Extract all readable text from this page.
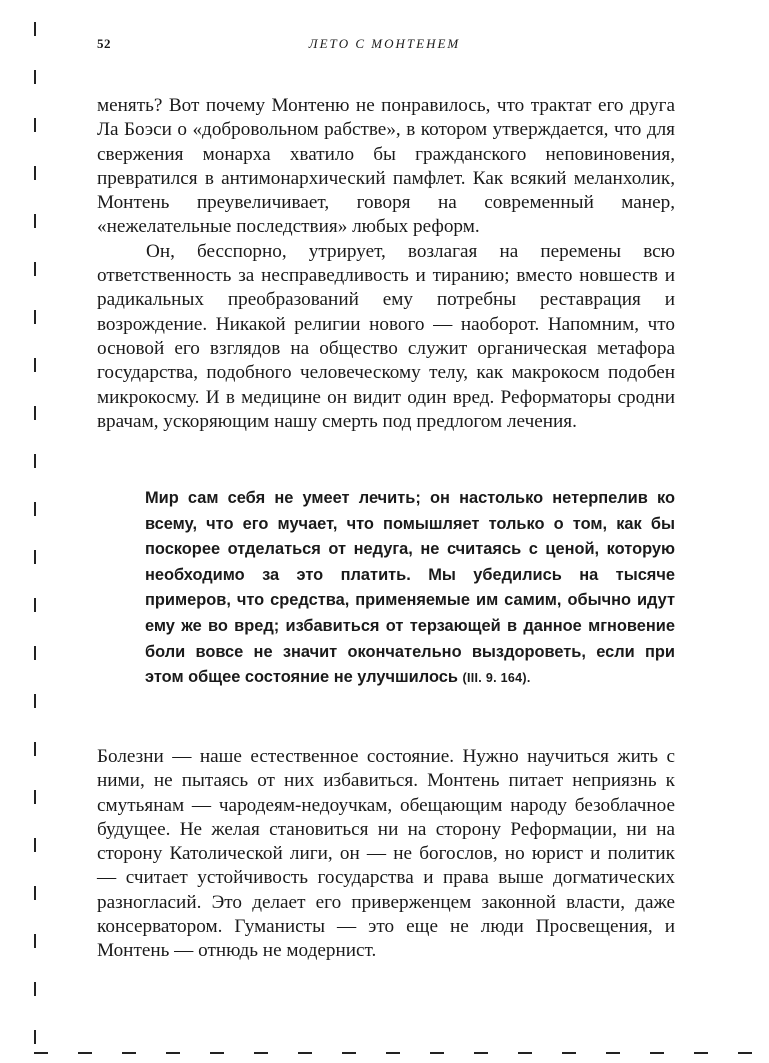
52	ЛЕТО С МОНТЕНЕМ

менять? Вот почему Монтеню не понравилось, что трактат его друга Ла Боэси о «добровольном рабстве», в котором утверждается, что для свержения монарха хватило бы гражданского неповиновения, превратился в антимонархический памфлет. Как всякий меланхолик, Монтень преувеличивает, говоря на современный манер, «нежелательные последствия» любых реформ.

Он, бесспорно, утрирует, возлагая на перемены всю ответственность за несправедливость и тиранию; вместо новшеств и радикальных преобразований ему потребны реставрация и возрождение. Никакой религии нового — наоборот. Напомним, что основой его взглядов на общество служит органическая метафора государства, подобного человеческому телу, как макрокосм подобен микрокосму. И в медицине он видит один вред. Реформаторы сродни врачам, ускоряющим нашу смерть под предлогом лечения.

Мир сам себя не умеет лечить; он настолько нетерпелив ко всему, что его мучает, что помышляет только о том, как бы поскорее отделаться от недуга, не считаясь с ценой, которую необходимо за это платить. Мы убедились на тысяче примеров, что средства, применяемые им самим, обычно идут ему же во вред; избавиться от терзающей в данное мгновение боли вовсе не значит окончательно выздороветь, если при этом общее состояние не улучшилось (III. 9. 164).

Болезни — наше естественное состояние. Нужно научиться жить с ними, не пытаясь от них избавиться. Монтень питает неприязнь к смутьянам — чародеям-недоучкам, обещающим народу безоблачное будущее. Не желая становиться ни на сторону Реформации, ни на сторону Католической лиги, он — не богослов, но юрист и политик — считает устойчивость государства и права выше догматических разногласий. Это делает его приверженцем законной власти, даже консерватором. Гуманисты — это еще не люди Просвещения, и Монтень — отнюдь не модернист.
